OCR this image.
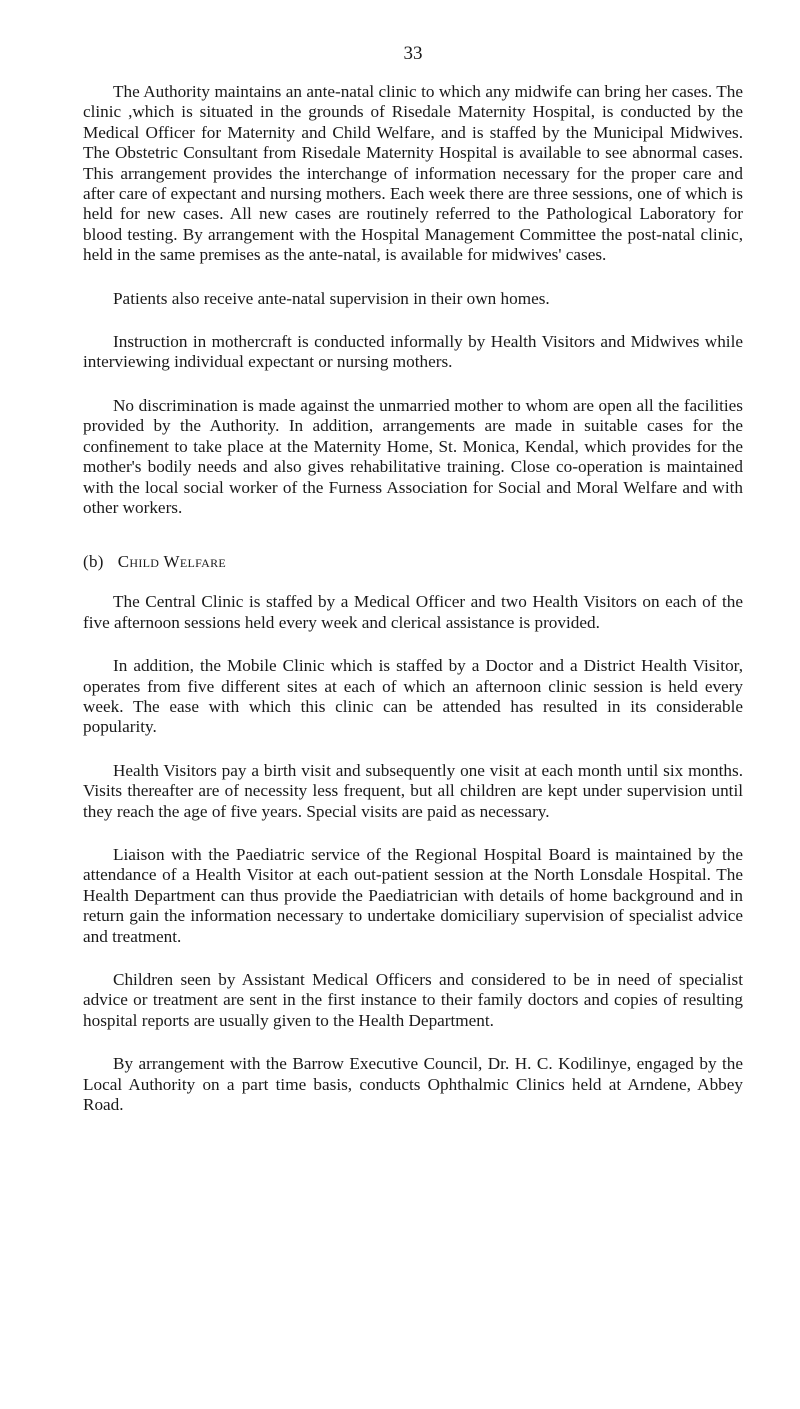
33

The Authority maintains an ante-natal clinic to which any midwife can bring her cases. The clinic ,which is situated in the grounds of Risedale Maternity Hospital, is conducted by the Medical Officer for Maternity and Child Welfare, and is staffed by the Municipal Midwives. The Obstetric Consultant from Risedale Maternity Hospital is available to see abnormal cases. This arrangement provides the interchange of information necessary for the proper care and after care of expectant and nursing mothers. Each week there are three sessions, one of which is held for new cases. All new cases are routinely referred to the Pathological Laboratory for blood testing. By arrangement with the Hospital Management Committee the post-natal clinic, held in the same premises as the ante-natal, is available for midwives' cases.

Patients also receive ante-natal supervision in their own homes.

Instruction in mothercraft is conducted informally by Health Visitors and Midwives while interviewing individual expectant or nursing mothers.

No discrimination is made against the unmarried mother to whom are open all the facilities provided by the Authority. In addition, arrangements are made in suitable cases for the confinement to take place at the Maternity Home, St. Monica, Kendal, which provides for the mother's bodily needs and also gives rehabilitative training. Close co-operation is maintained with the local social worker of the Furness Association for Social and Moral Welfare and with other workers.

(b) Child Welfare

The Central Clinic is staffed by a Medical Officer and two Health Visitors on each of the five afternoon sessions held every week and clerical assistance is provided.

In addition, the Mobile Clinic which is staffed by a Doctor and a District Health Visitor, operates from five different sites at each of which an afternoon clinic session is held every week. The ease with which this clinic can be attended has resulted in its considerable popularity.

Health Visitors pay a birth visit and subsequently one visit at each month until six months. Visits thereafter are of necessity less frequent, but all children are kept under supervision until they reach the age of five years. Special visits are paid as necessary.

Liaison with the Paediatric service of the Regional Hospital Board is maintained by the attendance of a Health Visitor at each out-patient session at the North Lonsdale Hospital. The Health Department can thus provide the Paediatrician with details of home background and in return gain the information necessary to undertake domiciliary supervision of specialist advice and treatment.

Children seen by Assistant Medical Officers and considered to be in need of specialist advice or treatment are sent in the first instance to their family doctors and copies of resulting hospital reports are usually given to the Health Department.

By arrangement with the Barrow Executive Council, Dr. H. C. Kodilinye, engaged by the Local Authority on a part time basis, conducts Ophthalmic Clinics held at Arndene, Abbey Road.
